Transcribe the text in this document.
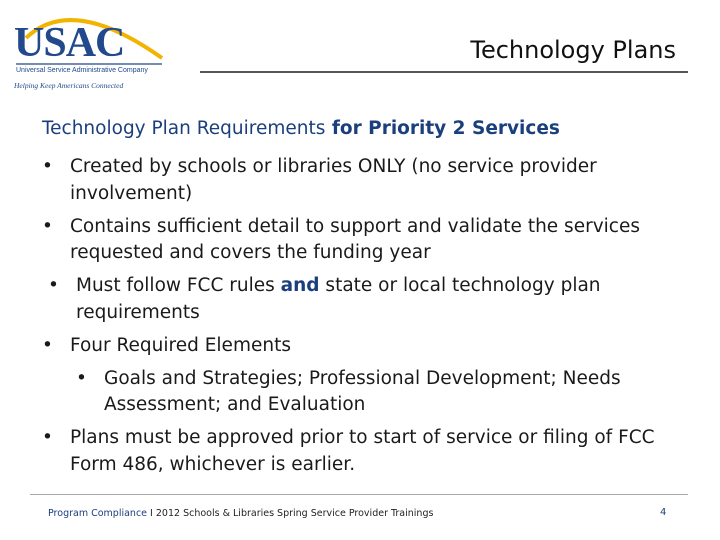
USAC
Universal Service Administrative Company
Helping Keep Americans Connected
Technology Plans
Technology Plan Requirements for Priority 2 Services
• Created by schools or libraries ONLY (no service provider involvement)
• Contains sufficient detail to support and validate the services requested and covers the funding year
• Must follow FCC rules and state or local technology plan requirements
• Four Required Elements
• Goals and Strategies; Professional Development; Needs Assessment; and Evaluation
• Plans must be approved prior to start of service or filing of FCC Form 486, whichever is earlier.
Program Compliance I 2012 Schools & Libraries Spring Service Provider Trainings	4
